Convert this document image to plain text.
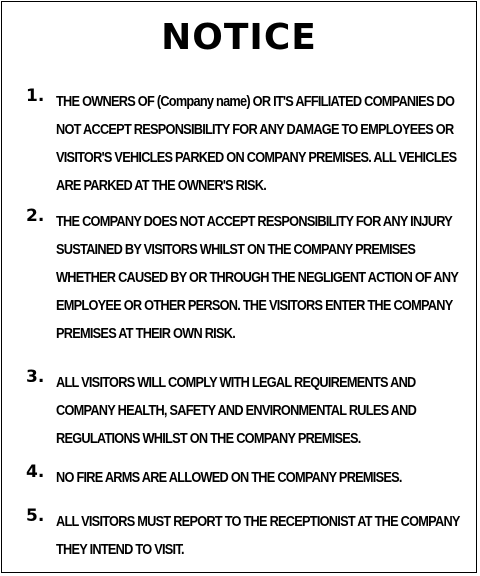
NOTICE
1. THE OWNERS OF (Company name) OR IT'S AFFILIATED COMPANIES DO
NOT ACCEPT RESPONSIBILITY FOR ANY DAMAGE TO EMPLOYEES OR
VISITOR'S VEHICLES PARKED ON COMPANY PREMISES. ALL VEHICLES
ARE PARKED AT THE OWNER'S RISK.
2. THE COMPANY DOES NOT ACCEPT RESPONSIBILITY FOR ANY INJURY
SUSTAINED BY VISITORS WHILST ON THE COMPANY PREMISES
WHETHER CAUSED BY OR THROUGH THE NEGLIGENT ACTION OF ANY
EMPLOYEE OR OTHER PERSON. THE VISITORS ENTER THE COMPANY
PREMISES AT THEIR OWN RISK.
3. ALL VISITORS WILL COMPLY WITH LEGAL REQUIREMENTS AND
COMPANY HEALTH, SAFETY AND ENVIRONMENTAL RULES AND
REGULATIONS WHILST ON THE COMPANY PREMISES.
4. NO FIRE ARMS ARE ALLOWED ON THE COMPANY PREMISES.
5. ALL VISITORS MUST REPORT TO THE RECEPTIONIST AT THE COMPANY
THEY INTEND TO VISIT.
